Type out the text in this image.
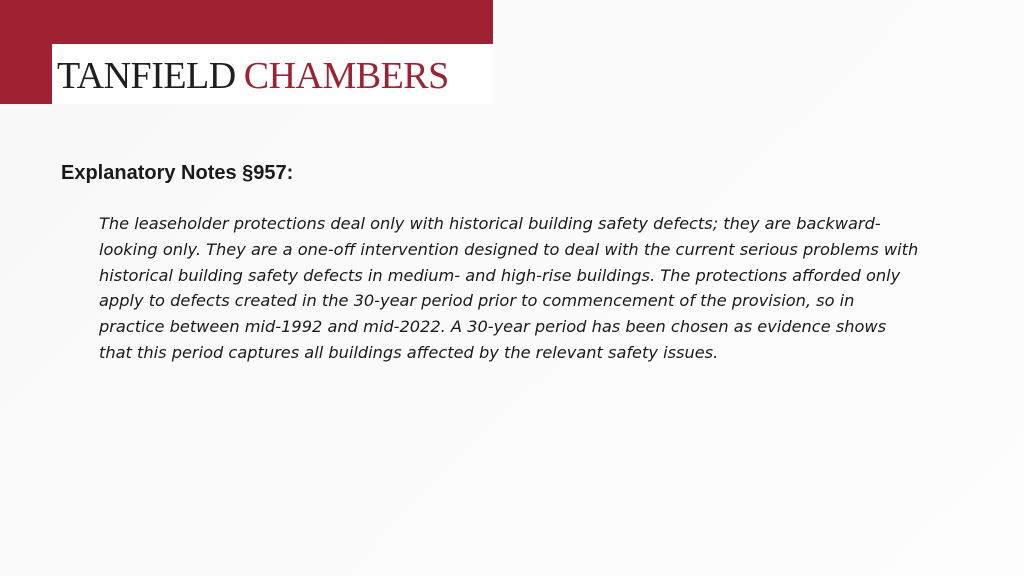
TANFIELD CHAMBERS
Explanatory Notes §957:

The leaseholder protections deal only with historical building safety defects; they are backward-looking only. They are a one-off intervention designed to deal with the current serious problems with historical building safety defects in medium- and high-rise buildings. The protections afforded only apply to defects created in the 30-year period prior to commencement of the provision, so in practice between mid-1992 and mid-2022. A 30-year period has been chosen as evidence shows that this period captures all buildings affected by the relevant safety issues.
